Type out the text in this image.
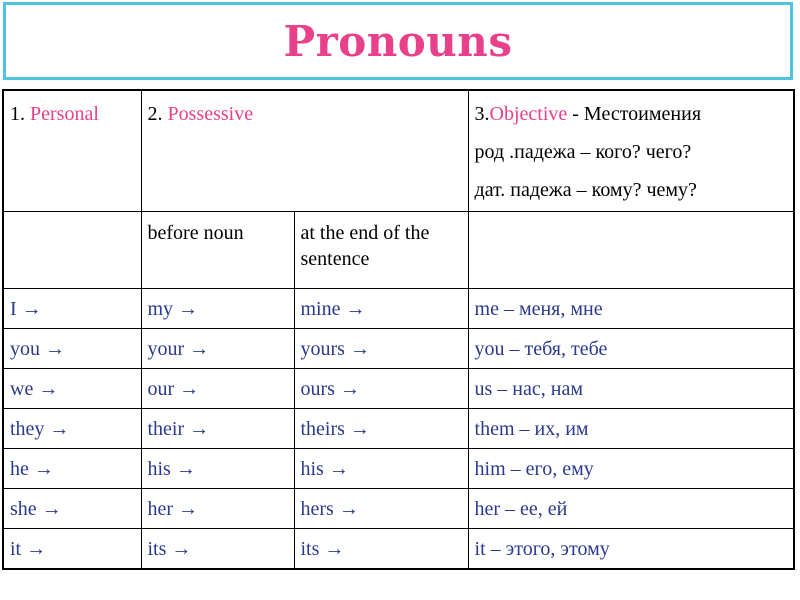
Pronouns
1. Personal	2. Possessive		3.Objective - Местоимения
род .падежа – кого? чего?
дат. падежа – кому? чему?
	before noun	at the end of the sentence	
I →	my →	mine →	me – меня, мне
you →	your →	yours →	you – тебя, тебе
we →	our →	ours →	us – нас, нам
they →	their →	theirs →	them – их, им
he →	his →	his →	him – его, ему
she →	her →	hers →	her – ее, ей
it →	its →	its →	it – этого, этому
